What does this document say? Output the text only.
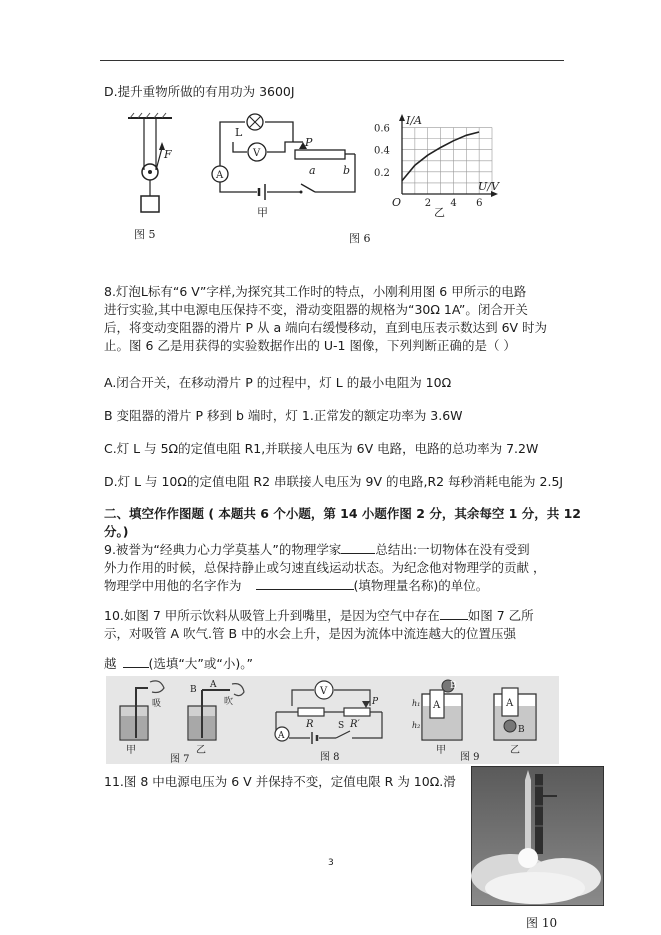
D.提升重物所做的有用功为 3600J
F
图 5
L
V
P
a b
A
甲
I/A
U/V
O 2 4 6
0.2
0.4
0.6
乙
图 6
8.灯泡L标有“6 V”字样,为探究其工作时的特点，小刚利用图 6 甲所示的电路
进行实验,其中电源电压保持不变，滑动变阻器的规格为“30Ω 1A”。闭合开关
后，将变动变阻器的滑片 P 从 a 端向右缓慢移动，直到电压表示数达到 6V 时为
止。图 6 乙是用获得的实验数据作出的 U-1 图像，下列判断正确的是（ ）
A.闭合开关，在移动滑片 P 的过程中，灯 L 的最小电阻为 10Ω
B 变阻器的滑片 P 移到 b 端时，灯 1.正常发的额定功率为 3.6W
C.灯 L 与 5Ω的定值电阻 R1,并联接人电压为 6V 电路，电路的总功率为 7.2W
D.灯 L 与 10Ω的定值电阻 R2 串联接人电压为 9V 的电路,R2 每秒消耗电能为 2.5J
二、填空作作图题 ( 本题共 6 个小题，第 14 小题作图 2 分，其余每空 1 分，共 12
分。)
9.被誉为“经典力心力学莫基人”的物理学家	总结出:一切物体在没有受到
外力作用的时候，总保持静止或匀速直线运动状态。为纪念他对物理学的贡献 ，
物理学中用他的名字作为	(填物理量名称)的单位。
10.如图 7 甲所示饮料从吸管上升到嘴里，是因为空气中存在 如图 7 乙所
示，对吸管 A 吹气.管 B 中的水会上升，是因为流体中流连越大的位置压强
越	(选填“大”或“小)。”
吸
甲
B A
吹
乙
图 7
V
R	R′
P
A
S
图 8
A
B
h₁
h₂
甲
A
B
乙
图 9
11.图 8 中电源电压为 6 V 并保持不变，定值电限 R 为 10Ω.滑
图 10
3
